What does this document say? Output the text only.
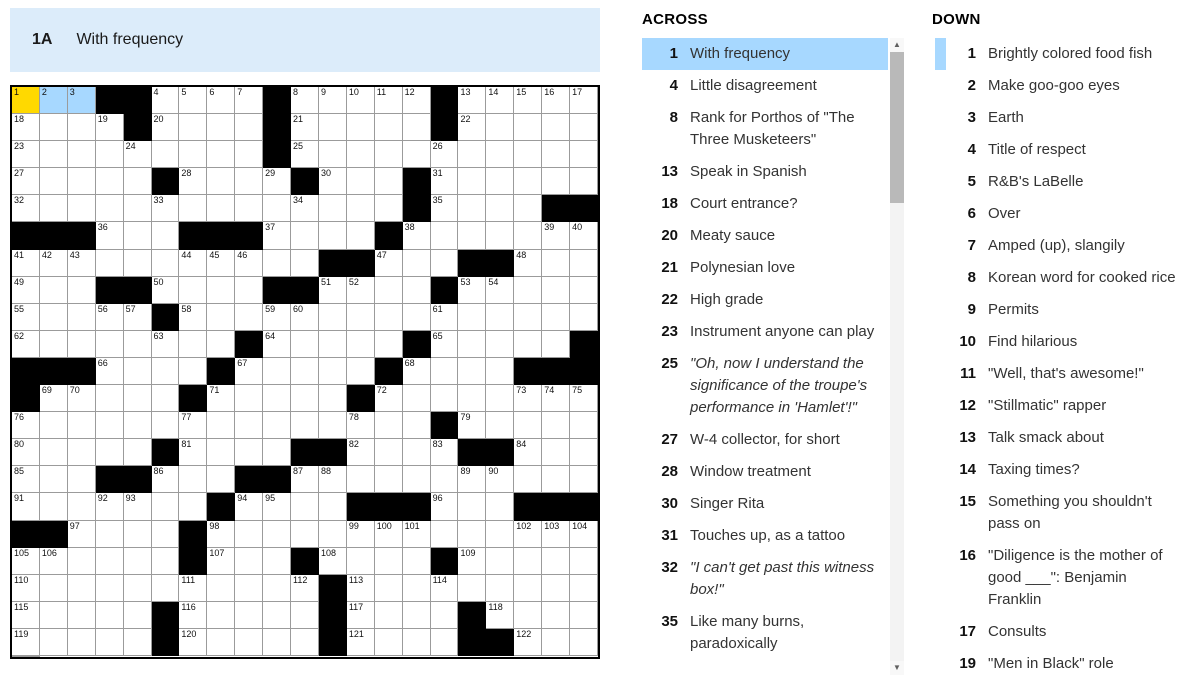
1A With frequency
1	2	3	4	5	6	7	8	9	10 11 12	13 14 15 16 17
18	19	20	21	22
23	24	25	26
27	28	29	30	31
32	33	34	35
36	37	38	39 40
41 42 43	44 45 46	47	48
49	50	51 52	53 54
55	56 57	58	59 60	61
62	63	64	65
66	67	68
69 70	71	72	73 74 75
76	77	78	79
80	81	82	83	84
85	86	87 88	89 90
91	92 93	94 95	96
97	98	99 100 101	102 103 104
105 106	107	108	109
110	111	112	113	114
115	116	117	118
119	120	121	122
ACROSS
1 With frequency
4 Little disagreement
8 Rank for Porthos of "The Three Musketeers"
13 Speak in Spanish
18 Court entrance?
20 Meaty sauce
21 Polynesian love
22 High grade
23 Instrument anyone can play
25 "Oh, now I understand the significance of the troupe's performance in 'Hamlet'!"
27 W-4 collector, for short
28 Window treatment
30 Singer Rita
31 Touches up, as a tattoo
32 "I can't get past this witness box!"
35 Like many burns, paradoxically
▲
▼
DOWN
1 Brightly colored food fish
2 Make goo-goo eyes
3 Earth
4 Title of respect
5 R&B's LaBelle
6 Over
7 Amped (up), slangily
8 Korean word for cooked rice
9 Permits
10 Find hilarious
11 "Well, that's awesome!"
12 "Stillmatic" rapper
13 Talk smack about
14 Taxing times?
15 Something you shouldn't pass on
16 "Diligence is the mother of good ___": Benjamin Franklin
17 Consults
19 "Men in Black" role
